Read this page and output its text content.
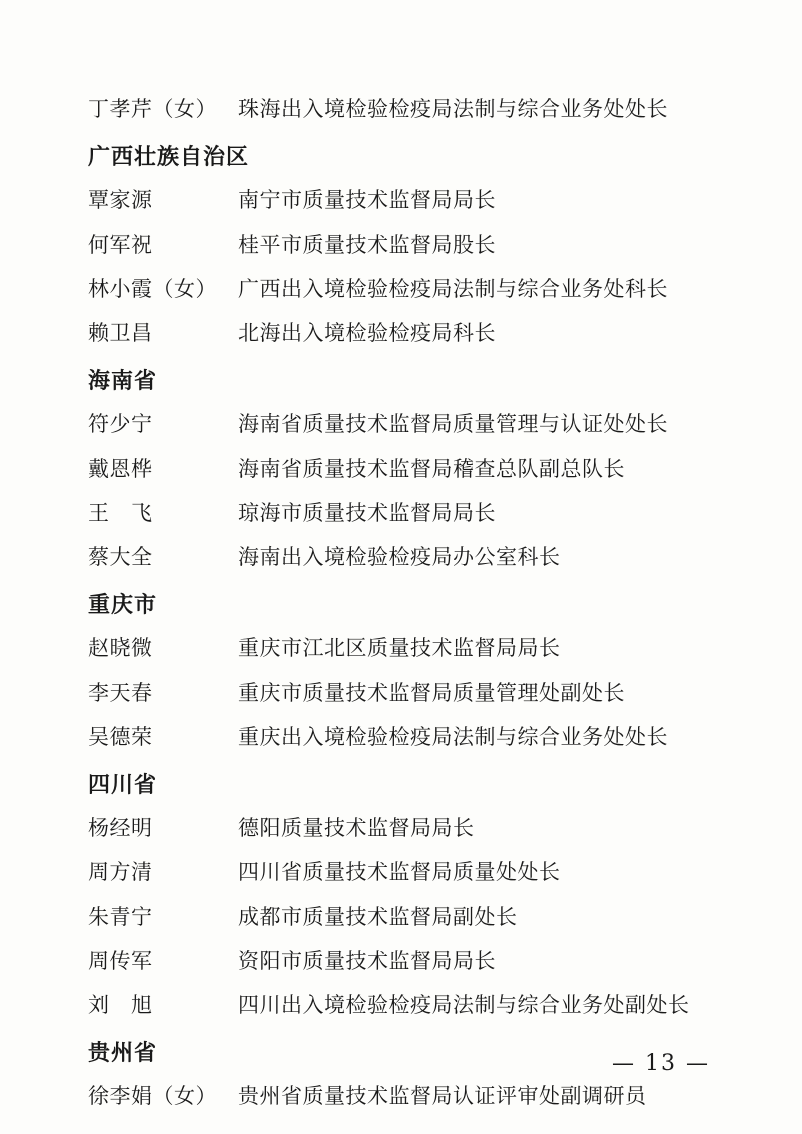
丁孝芹（女）	珠海出入境检验检疫局法制与综合业务处处长
广西壮族自治区
覃家源	南宁市质量技术监督局局长
何军祝	桂平市质量技术监督局股长
林小霞（女）	广西出入境检验检疫局法制与综合业务处科长
赖卫昌	北海出入境检验检疫局科长
海南省
符少宁	海南省质量技术监督局质量管理与认证处处长
戴恩桦	海南省质量技术监督局稽查总队副总队长
王　飞	琼海市质量技术监督局局长
蔡大全	海南出入境检验检疫局办公室科长
重庆市
赵晓微	重庆市江北区质量技术监督局局长
李天春	重庆市质量技术监督局质量管理处副处长
吴德荣	重庆出入境检验检疫局法制与综合业务处处长
四川省
杨经明	德阳质量技术监督局局长
周方清	四川省质量技术监督局质量处处长
朱青宁	成都市质量技术监督局副处长
周传军	资阳市质量技术监督局局长
刘　旭	四川出入境检验检疫局法制与综合业务处副处长
贵州省
徐李娟（女）	贵州省质量技术监督局认证评审处副调研员
— 13 —
